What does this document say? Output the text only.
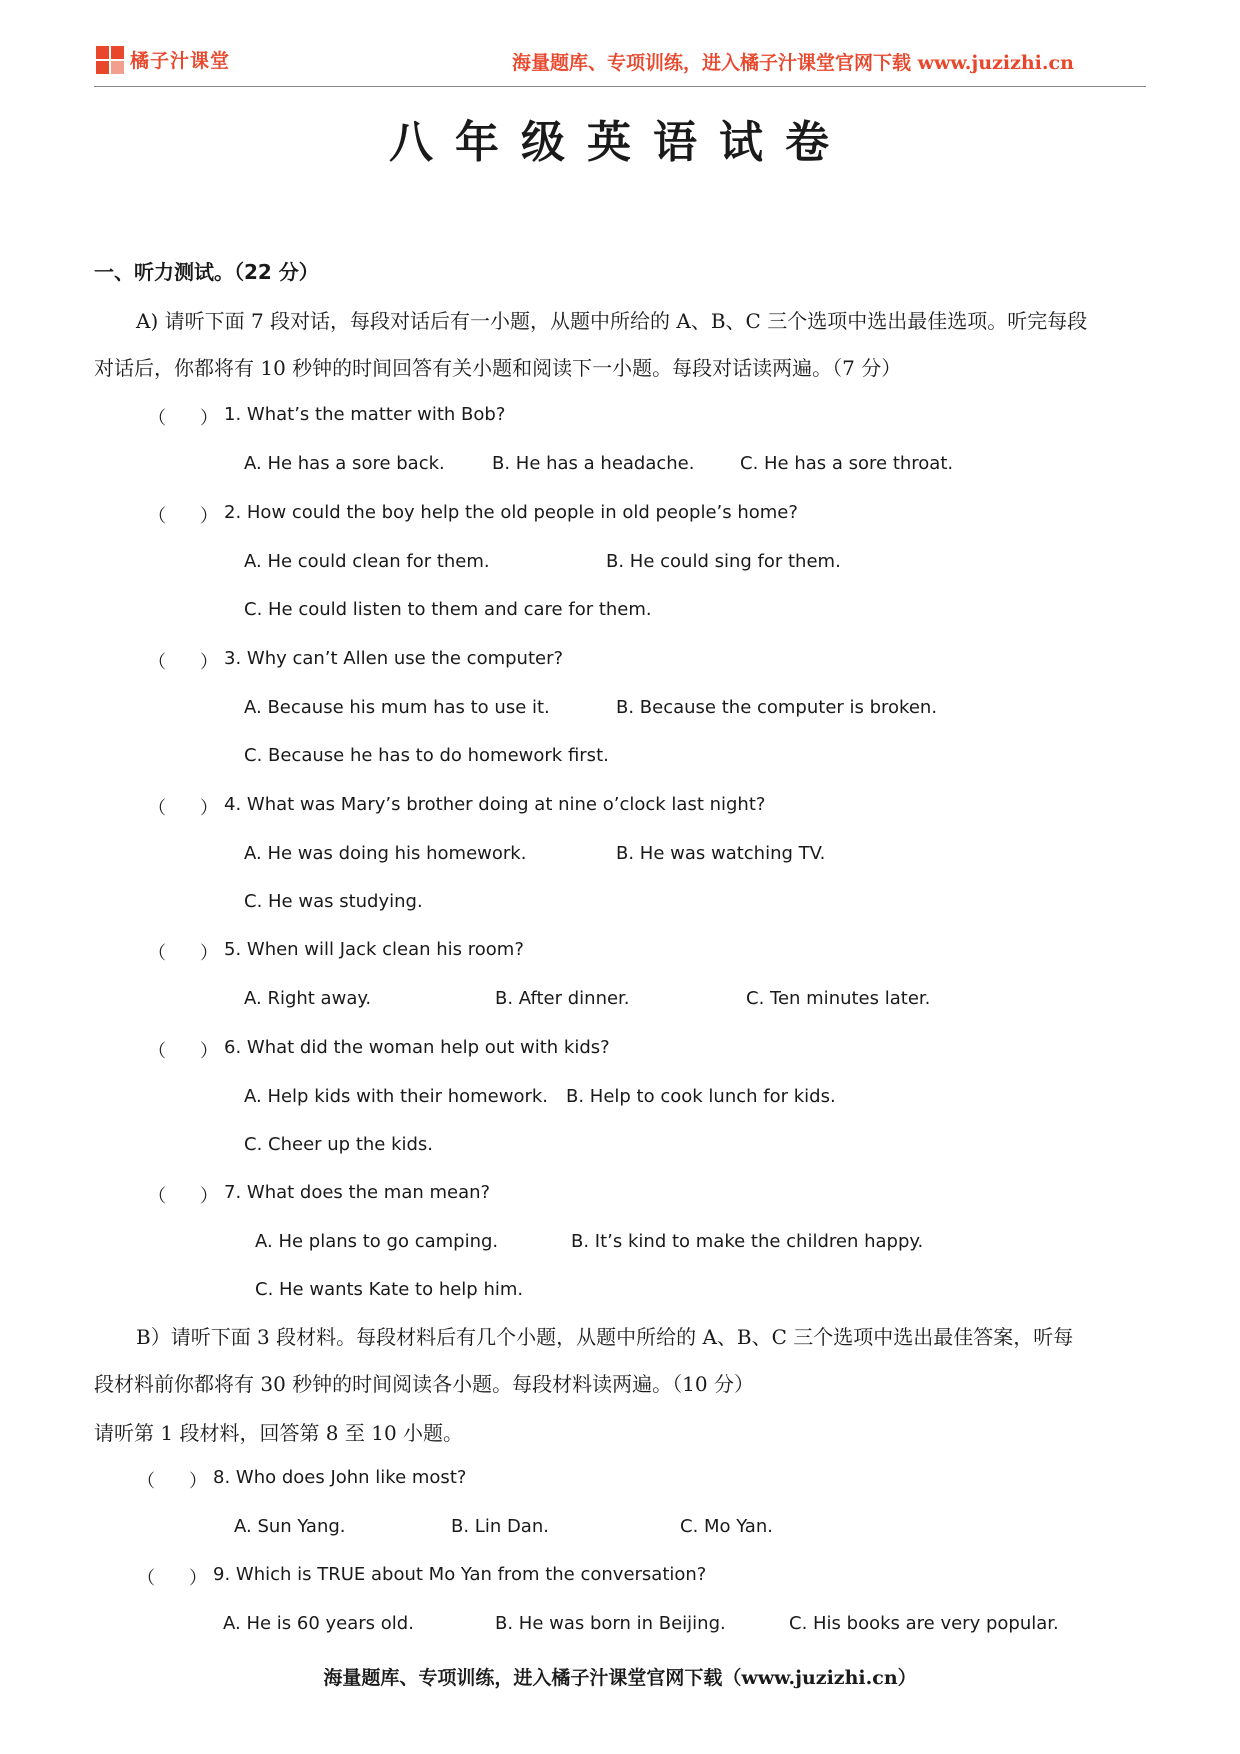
橘子汁课堂	海量题库、专项训练，进入橘子汁课堂官网下载 www.juzizhi.cn
八年级英语试卷
一、听力测试。（22 分）
A) 请听下面 7 段对话，每段对话后有一小题，从题中所给的 A、B、C 三个选项中选出最佳选项。听完每段
对话后，你都将有 10 秒钟的时间回答有关小题和阅读下一小题。每段对话读两遍。（7 分）
（ ） 1. What’s the matter with Bob?
A. He has a sore back.	B. He has a headache.	C. He has a sore throat.
（ ） 2. How could the boy help the old people in old people’s home?
A. He could clean for them.	B. He could sing for them.
C. He could listen to them and care for them.
（ ） 3. Why can’t Allen use the computer?
A. Because his mum has to use it.	B. Because the computer is broken.
C. Because he has to do homework first.
（ ） 4. What was Mary’s brother doing at nine o’clock last night?
A. He was doing his homework.	B. He was watching TV.
C. He was studying.
（ ） 5. When will Jack clean his room?
A. Right away.	B. After dinner.	C. Ten minutes later.
（ ） 6. What did the woman help out with kids?
A. Help kids with their homework. B. Help to cook lunch for kids.
C. Cheer up the kids.
（ ） 7. What does the man mean?
A. He plans to go camping.	B. It’s kind to make the children happy.
C. He wants Kate to help him.
B）请听下面 3 段材料。每段材料后有几个小题，从题中所给的 A、B、C 三个选项中选出最佳答案，听每
段材料前你都将有 30 秒钟的时间阅读各小题。每段材料读两遍。（10 分）
请听第 1 段材料，回答第 8 至 10 小题。
（ ） 8. Who does John like most?
A. Sun Yang.	B. Lin Dan.	C. Mo Yan.
（ ） 9. Which is TRUE about Mo Yan from the conversation?
A. He is 60 years old.	B. He was born in Beijing.	C. His books are very popular.
海量题库、专项训练，进入橘子汁课堂官网下载（www.juzizhi.cn）
